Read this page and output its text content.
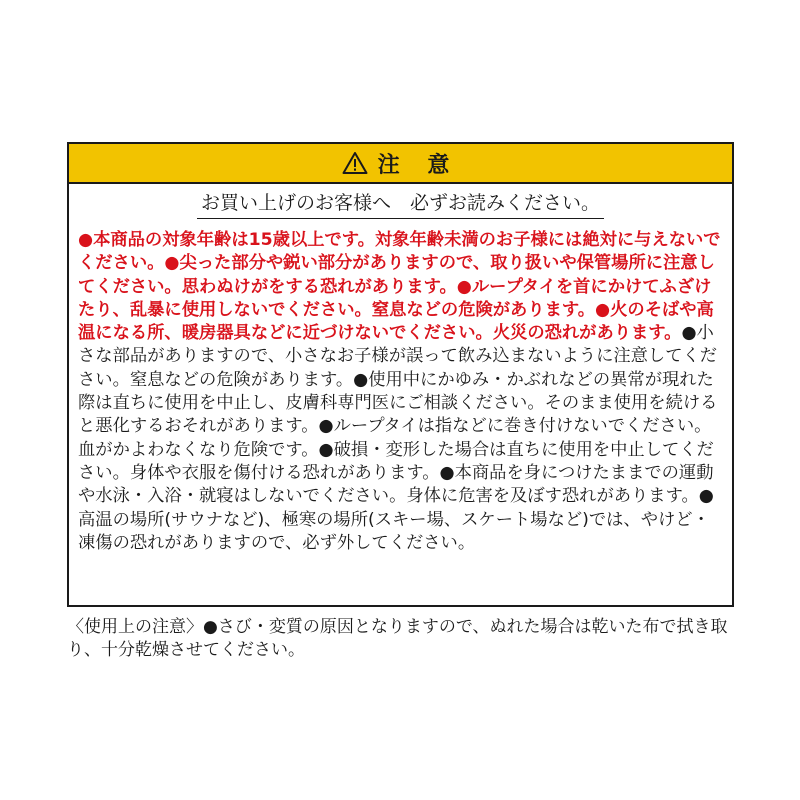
注 意
お買い上げのお客様へ　必ずお読みください。
●本商品の対象年齢は15歳以上です。対象年齢未満のお子様には絶対に与えないでください。●尖った部分や鋭い部分がありますので、取り扱いや保管場所に注意してください。思わぬけがをする恐れがあります。●ループタイを首にかけてふざけたり、乱暴に使用しないでください。窒息などの危険があります。●火のそばや高温になる所、暖房器具などに近づけないでください。火災の恐れがあります。●小さな部品がありますので、小さなお子様が誤って飲み込まないように注意してください。窒息などの危険があります。●使用中にかゆみ・かぶれなどの異常が現れた際は直ちに使用を中止し、皮膚科専門医にご相談ください。そのまま使用を続けると悪化するおそれがあります。●ループタイは指などに巻き付けないでください。血がかよわなくなり危険です。●破損・変形した場合は直ちに使用を中止してください。身体や衣服を傷付ける恐れがあります。●本商品を身につけたままでの運動や水泳・入浴・就寝はしないでください。身体に危害を及ぼす恐れがあります。●高温の場所(サウナなど)、極寒の場所(スキー場、スケート場など)では、やけど・凍傷の恐れがありますので、必ず外してください。
〈使用上の注意〉●さび・変質の原因となりますので、ぬれた場合は乾いた布で拭き取り、十分乾燥させてください。
